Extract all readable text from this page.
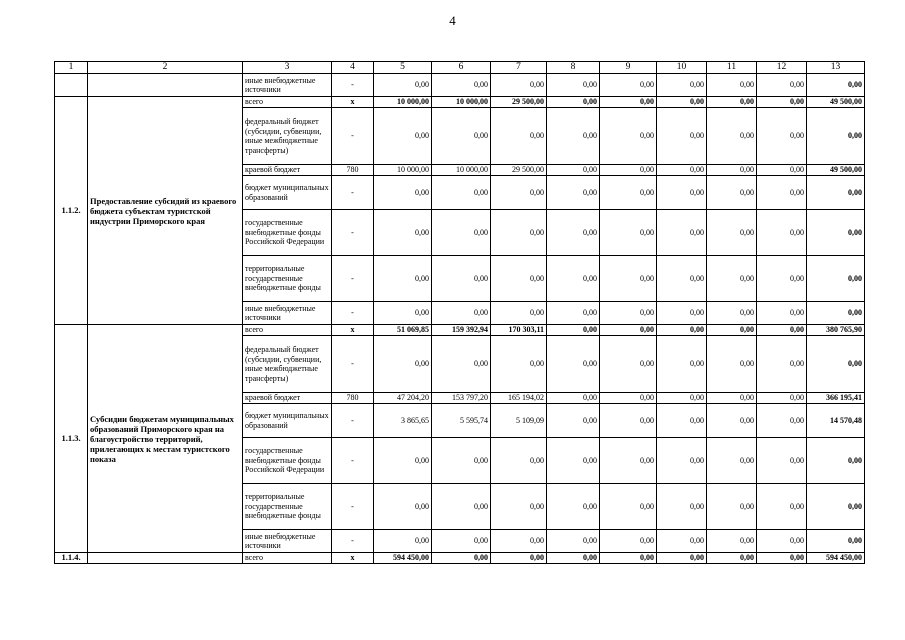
4
1	2	3	4	5	6	7	8	9	10	11	12	13
		иные внебюджетные источники	-	0,00	0,00	0,00	0,00	0,00	0,00	0,00	0,00	0,00
1.1.2.	Предоставление субсидий из краевого бюджета субъектам туристской индустрии Приморского края	всего	х	10 000,00	10 000,00	29 500,00	0,00	0,00	0,00	0,00	0,00	49 500,00
		федеральный бюджет (субсидии, субвенции, иные межбюджетные трансферты)	-	0,00	0,00	0,00	0,00	0,00	0,00	0,00	0,00	0,00
		краевой бюджет	780	10 000,00	10 000,00	29 500,00	0,00	0,00	0,00	0,00	0,00	49 500,00
		бюджет муниципальных образований	-	0,00	0,00	0,00	0,00	0,00	0,00	0,00	0,00	0,00
		государственные внебюджетные фонды Российской Федерации	-	0,00	0,00	0,00	0,00	0,00	0,00	0,00	0,00	0,00
		территориальные государственные внебюджетные фонды	-	0,00	0,00	0,00	0,00	0,00	0,00	0,00	0,00	0,00
		иные внебюджетные источники	-	0,00	0,00	0,00	0,00	0,00	0,00	0,00	0,00	0,00
1.1.3.	Субсидии бюджетам муниципальных образований Приморского края на благоустройство территорий, прилегающих к местам туристского показа	всего	х	51 069,85	159 392,94	170 303,11	0,00	0,00	0,00	0,00	0,00	380 765,90
		федеральный бюджет (субсидии, субвенции, иные межбюджетные трансферты)	-	0,00	0,00	0,00	0,00	0,00	0,00	0,00	0,00	0,00
		краевой бюджет	780	47 204,20	153 797,20	165 194,02	0,00	0,00	0,00	0,00	0,00	366 195,41
		бюджет муниципальных образований	-	3 865,65	5 595,74	5 109,09	0,00	0,00	0,00	0,00	0,00	14 570,48
		государственные внебюджетные фонды Российской Федерации	-	0,00	0,00	0,00	0,00	0,00	0,00	0,00	0,00	0,00
		территориальные государственные внебюджетные фонды	-	0,00	0,00	0,00	0,00	0,00	0,00	0,00	0,00	0,00
		иные внебюджетные источники	-	0,00	0,00	0,00	0,00	0,00	0,00	0,00	0,00	0,00
1.1.4.		всего	х	594 450,00	0,00	0,00	0,00	0,00	0,00	0,00	0,00	594 450,00
